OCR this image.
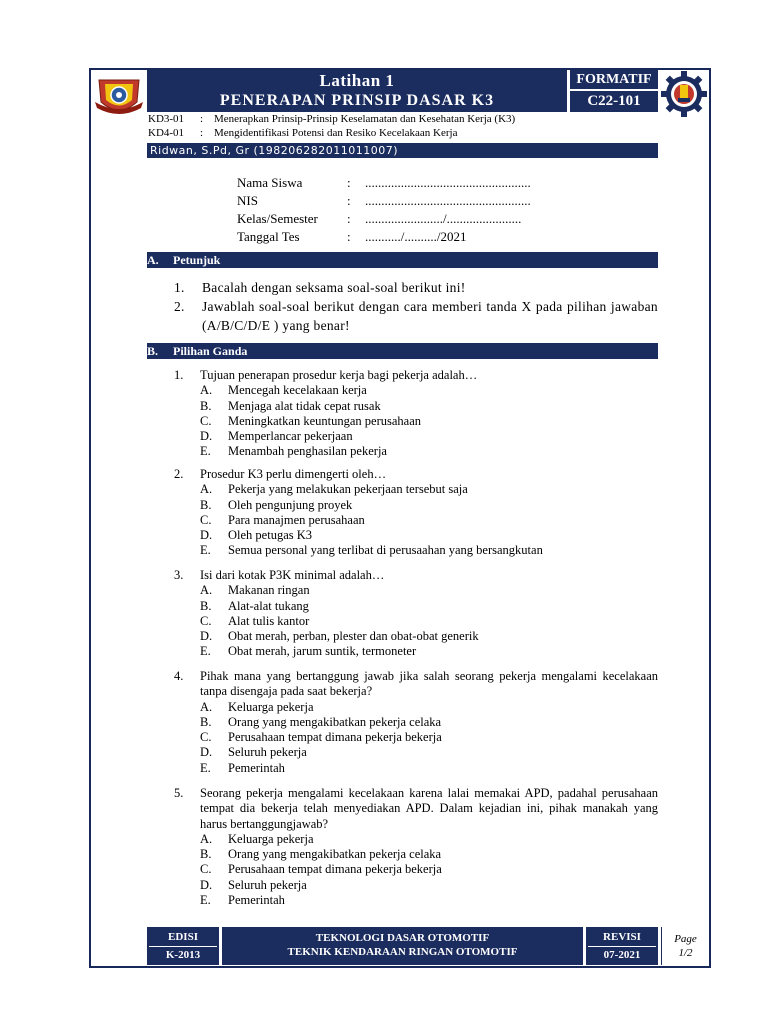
Latihan 1
PENERAPAN PRINSIP DASAR K3
FORMATIF
C22-101
KD3-01 : Menerapkan Prinsip-Prinsip Keselamatan dan Kesehatan Kerja (K3)
KD4-01 : Mengidentifikasi Potensi dan Resiko Kecelakaan Kerja
Ridwan, S.Pd, Gr (198206282011011007)
Nama Siswa	: ...................................................
NIS	: ...................................................
Kelas/Semester : ......................../.......................
Tanggal Tes	: .........../........../2021
A. Petunjuk
1. Bacalah dengan seksama soal-soal berikut ini!
2. Jawablah soal-soal berikut dengan cara memberi tanda X pada pilihan jawaban (A/B/C/D/E ) yang benar!
B. Pilihan Ganda
1. Tujuan penerapan prosedur kerja bagi pekerja adalah…
A. Mencegah kecelakaan kerja
B. Menjaga alat tidak cepat rusak
C. Meningkatkan keuntungan perusahaan
D. Memperlancar pekerjaan
E. Menambah penghasilan pekerja
2. Prosedur K3 perlu dimengerti oleh…
A. Pekerja yang melakukan pekerjaan tersebut saja
B. Oleh pengunjung proyek
C. Para manajmen perusahaan
D. Oleh petugas K3
E. Semua personal yang terlibat di perusaahan yang bersangkutan
3. Isi dari kotak P3K minimal adalah…
A. Makanan ringan
B. Alat-alat tukang
C. Alat tulis kantor
D. Obat merah, perban, plester dan obat-obat generik
E. Obat merah, jarum suntik, termoneter
4. Pihak mana yang bertanggung jawab jika salah seorang pekerja mengalami kecelakaan tanpa disengaja pada saat bekerja?
A. Keluarga pekerja
B. Orang yang mengakibatkan pekerja celaka
C. Perusahaan tempat dimana pekerja bekerja
D. Seluruh pekerja
E. Pemerintah
5. Seorang pekerja mengalami kecelakaan karena lalai memakai APD, padahal perusahaan tempat dia bekerja telah menyediakan APD. Dalam kejadian ini, pihak manakah yang harus bertanggungjawab?
A. Keluarga pekerja
B. Orang yang mengakibatkan pekerja celaka
C. Perusahaan tempat dimana pekerja bekerja
D. Seluruh pekerja
E. Pemerintah
EDISI
K-2013
TEKNOLOGI DASAR OTOMOTIF
TEKNIK KENDARAAN RINGAN OTOMOTIF
REVISI
07-2021
Page
1/2
